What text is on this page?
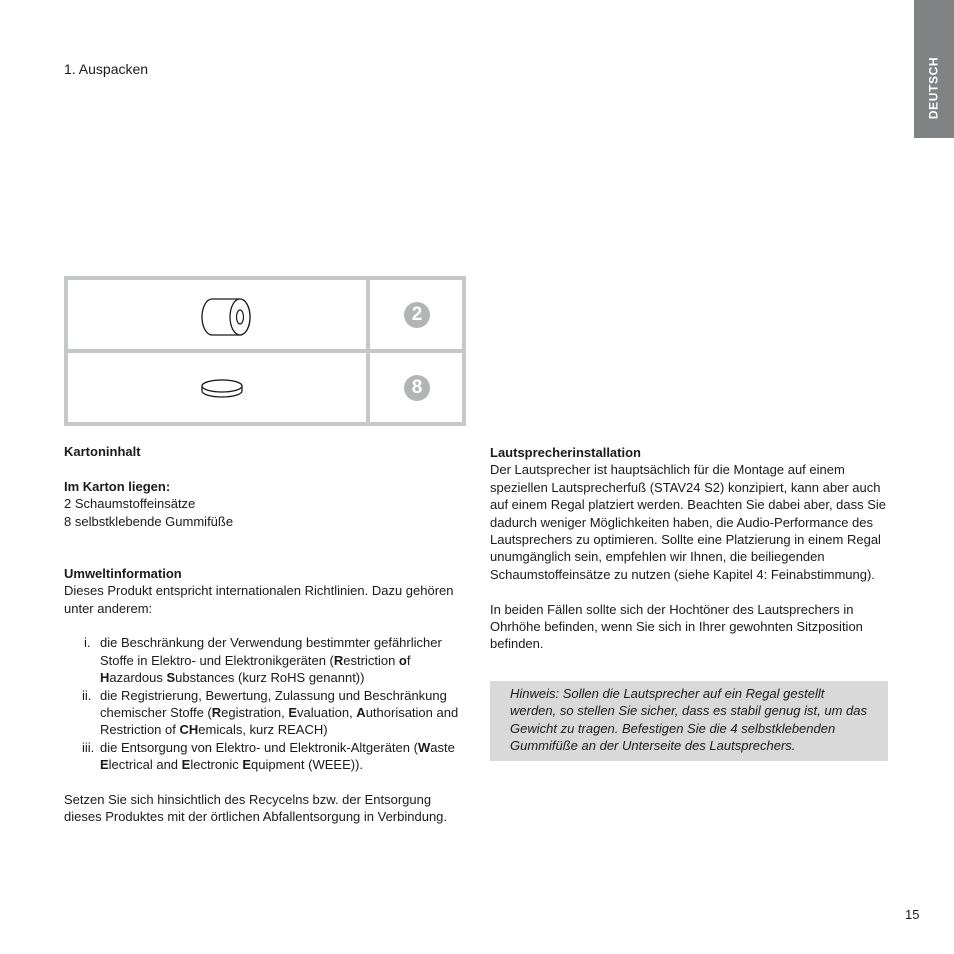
DEUTSCH
1. Auspacken
2
8
Kartoninhalt
Im Karton liegen:
2 Schaumstoffeinsätze
8 selbstklebende Gummifüße
Umweltinformation
Dieses Produkt entspricht internationalen Richtlinien. Dazu gehören unter anderem:
i. die Beschränkung der Verwendung bestimmter gefährlicher Stoffe in Elektro- und Elektronikgeräten (Restriction of Hazardous Substances (kurz RoHS genannt))
ii. die Registrierung, Bewertung, Zulassung und Beschränkung chemischer Stoffe (Registration, Evaluation, Authorisation and Restriction of CHemicals, kurz REACH)
iii. die Entsorgung von Elektro- und Elektronik-Altgeräten (Waste Electrical and Electronic Equipment (WEEE)).
Setzen Sie sich hinsichtlich des Recycelns bzw. der Entsorgung dieses Produktes mit der örtlichen Abfallentsorgung in Verbindung.
Lautsprecherinstallation
Der Lautsprecher ist hauptsächlich für die Montage auf einem speziellen Lautsprecherfuß (STAV24 S2) konzipiert, kann aber auch auf einem Regal platziert werden. Beachten Sie dabei aber, dass Sie dadurch weniger Möglichkeiten haben, die Audio-Performance des Lautsprechers zu optimieren. Sollte eine Platzierung in einem Regal unumgänglich sein, empfehlen wir Ihnen, die beiliegenden Schaumstoffeinsätze zu nutzen (siehe Kapitel 4: Feinabstimmung).
In beiden Fällen sollte sich der Hochtöner des Lautsprechers in Ohrhöhe befinden, wenn Sie sich in Ihrer gewohnten Sitzposition befinden.
Hinweis: Sollen die Lautsprecher auf ein Regal gestellt werden, so stellen Sie sicher, dass es stabil genug ist, um das Gewicht zu tragen. Befestigen Sie die 4 selbstklebenden Gummifüße an der Unterseite des Lautsprechers.
15
